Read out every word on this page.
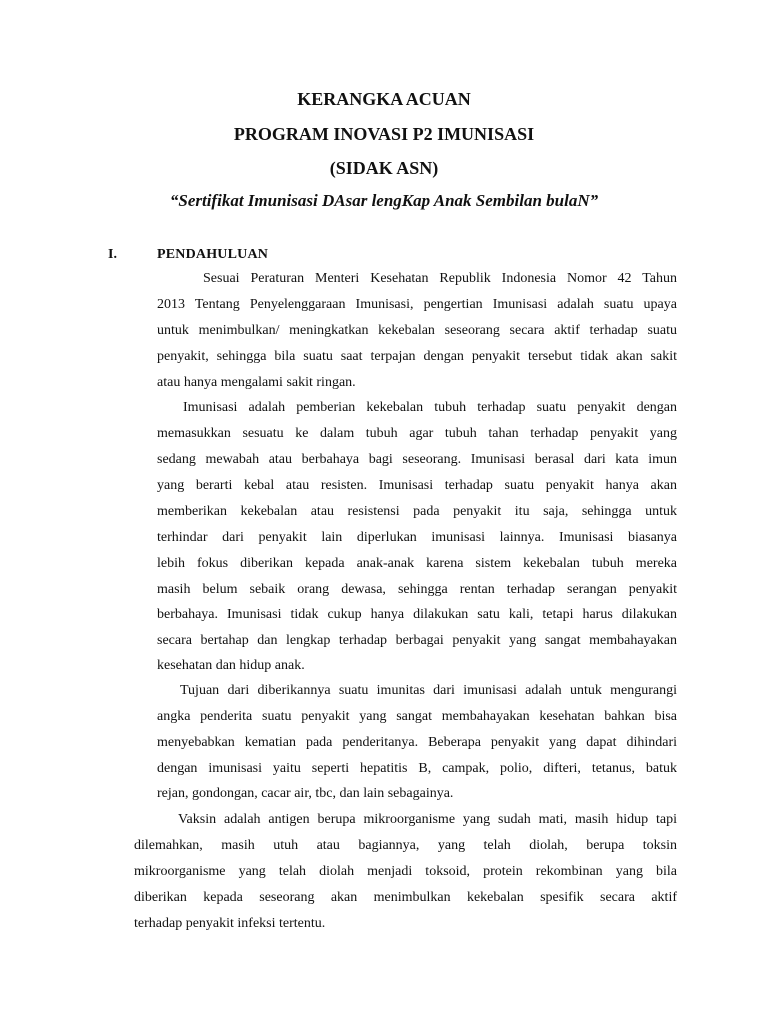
KERANGKA ACUAN
PROGRAM INOVASI P2 IMUNISASI
(SIDAK ASN)
“Sertifikat Imunisasi DAsar lengKap Anak Sembilan bulaN”
I.	PENDAHULUAN
Sesuai Peraturan Menteri Kesehatan Republik Indonesia Nomor 42 Tahun
2013 Tentang Penyelenggaraan Imunisasi, pengertian Imunisasi adalah suatu upaya
untuk menimbulkan/ meningkatkan kekebalan seseorang secara aktif terhadap suatu
penyakit, sehingga bila suatu saat terpajan dengan penyakit tersebut tidak akan sakit
atau hanya mengalami sakit ringan.
Imunisasi adalah pemberian kekebalan tubuh terhadap suatu penyakit dengan
memasukkan sesuatu ke dalam tubuh agar tubuh tahan terhadap penyakit yang
sedang mewabah atau berbahaya bagi seseorang. Imunisasi berasal dari kata imun
yang berarti kebal atau resisten. Imunisasi terhadap suatu penyakit hanya akan
memberikan kekebalan atau resistensi pada penyakit itu saja, sehingga untuk
terhindar dari penyakit lain diperlukan imunisasi lainnya. Imunisasi biasanya
lebih fokus diberikan kepada anak-anak karena sistem kekebalan tubuh mereka
masih belum sebaik orang dewasa, sehingga rentan terhadap serangan penyakit
berbahaya. Imunisasi tidak cukup hanya dilakukan satu kali, tetapi harus dilakukan
secara bertahap dan lengkap terhadap berbagai penyakit yang sangat membahayakan
kesehatan dan hidup anak.
Tujuan dari diberikannya suatu imunitas dari imunisasi adalah untuk mengurangi
angka penderita suatu penyakit yang sangat membahayakan kesehatan bahkan bisa
menyebabkan kematian pada penderitanya. Beberapa penyakit yang dapat dihindari
dengan imunisasi yaitu seperti hepatitis B, campak, polio, difteri, tetanus, batuk
rejan, gondongan, cacar air, tbc, dan lain sebagainya.
Vaksin adalah antigen berupa mikroorganisme yang sudah mati, masih hidup tapi
dilemahkan, masih utuh atau bagiannya, yang telah diolah, berupa toksin
mikroorganisme yang telah diolah menjadi toksoid, protein rekombinan yang bila
diberikan kepada seseorang akan menimbulkan kekebalan spesifik secara aktif
terhadap penyakit infeksi tertentu.
